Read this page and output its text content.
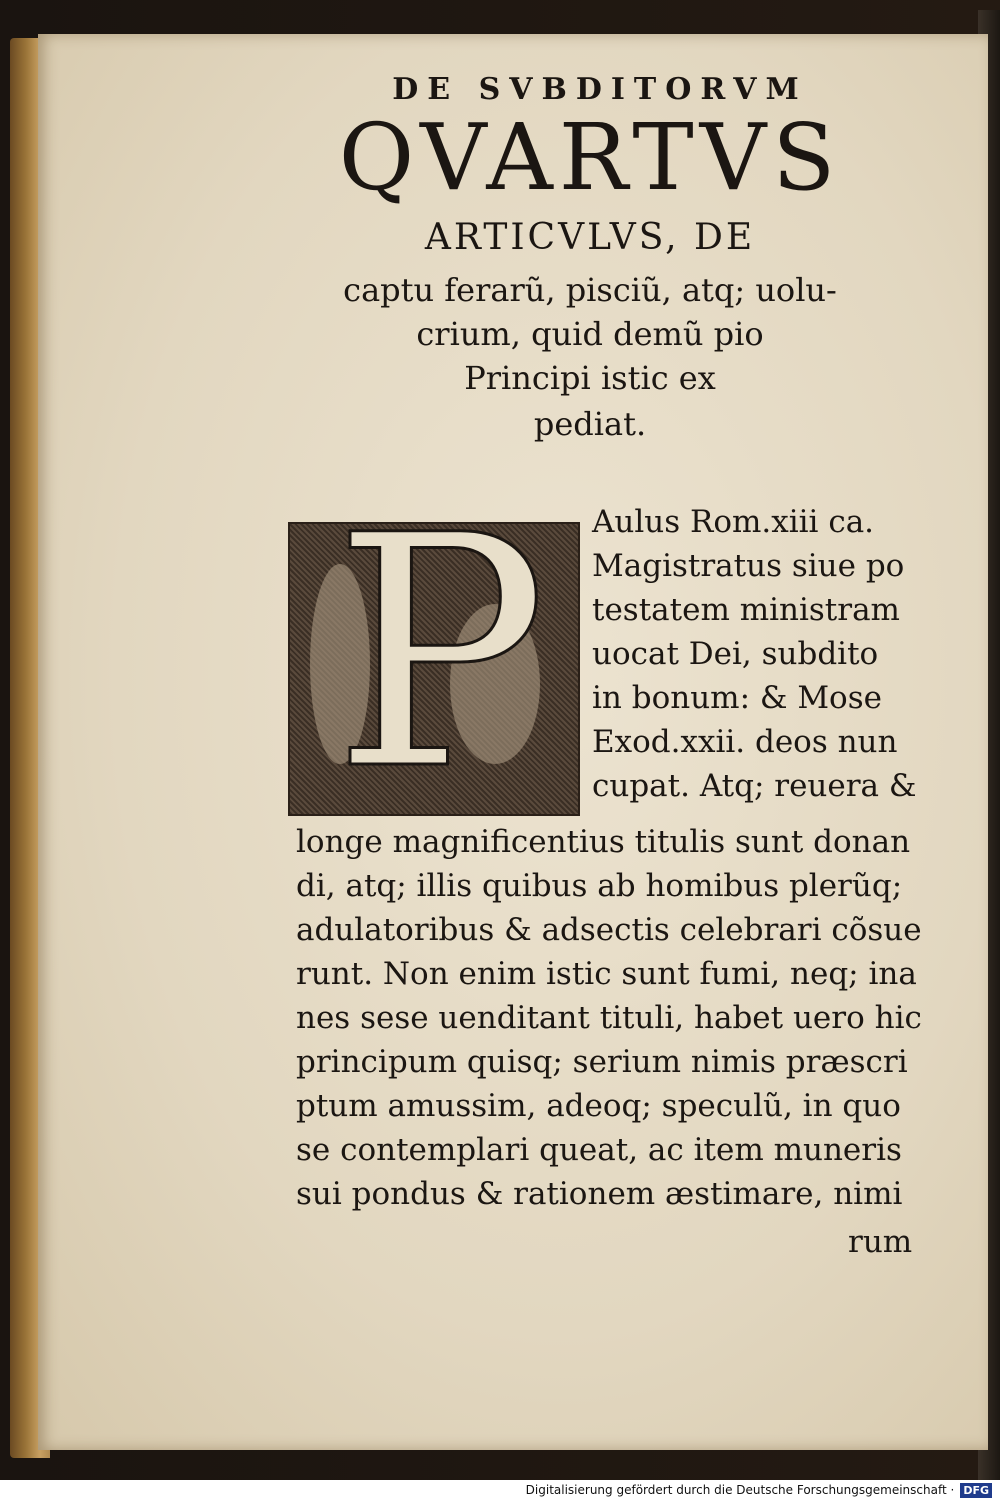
DE SVBDITORVM
QVARTVS
ARTICVLVS, DE
captu ferarũ, pisciũ, atq; uolu-
crium, quid demũ pio
Principi istic ex
pediat.
P	Aulus Rom.xiii ca.
Magistratus siue po
testatem ministram
uocat Dei, subdito
in bonum: & Mose
Exod.xxii. deos nun
cupat. Atq; reuera &
longe magnificentius titulis sunt donan
di, atq; illis quibus ab homibus plerũq;
adulatoribus & adsectis celebrari cõsue
runt. Non enim istic sunt fumi, neq; ina
nes sese uenditant tituli, habet uero hic
principum quisq; serium nimis præscri
ptum amussim, adeoq; speculũ, in quo
se contemplari queat, ac item muneris
sui pondus & rationem æstimare, nimi
rum
Digitalisierung gefördert durch die Deutsche Forschungsgemeinschaft · DFG
